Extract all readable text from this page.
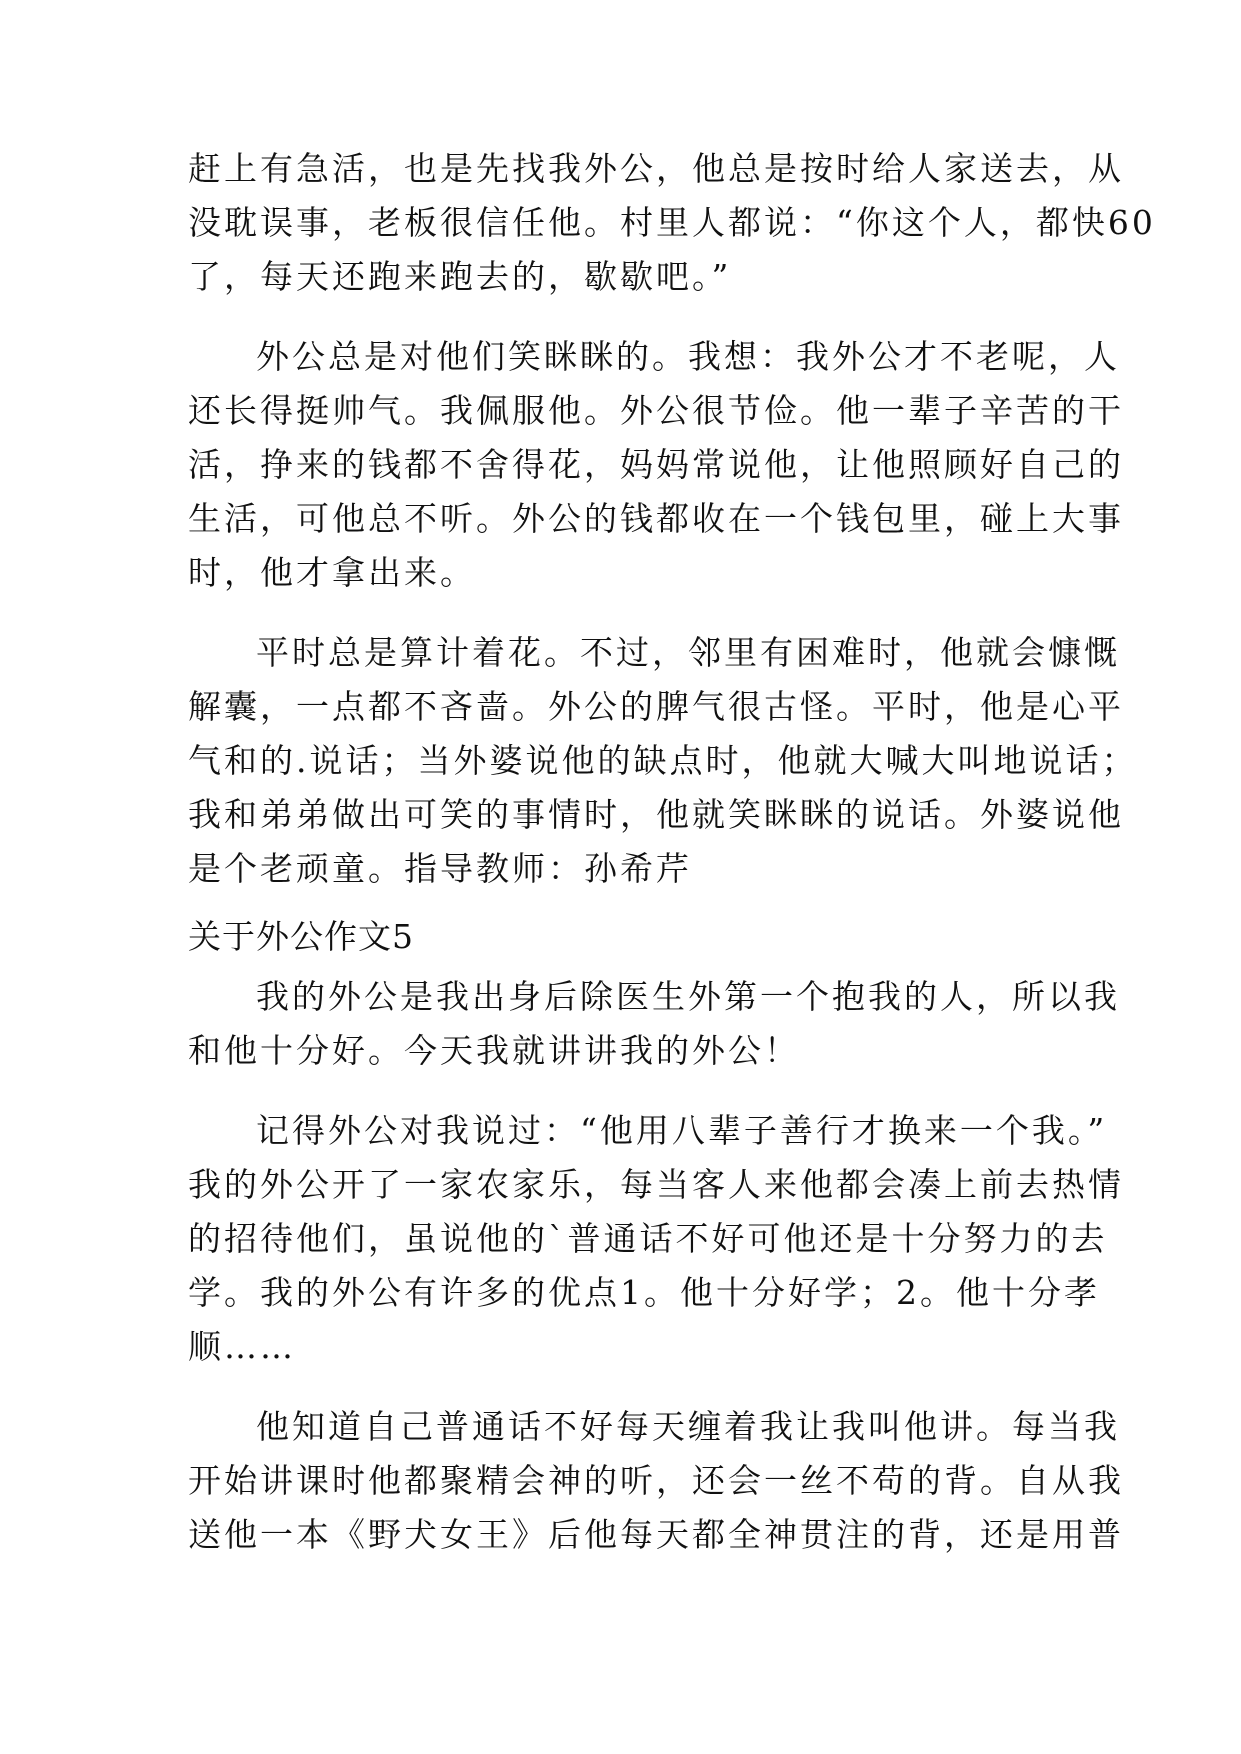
赶上有急活，也是先找我外公，他总是按时给人家送去，从
没耽误事，老板很信任他。村里人都说：“你这个人，都快60
了，每天还跑来跑去的，歇歇吧。”
外公总是对他们笑眯眯的。我想：我外公才不老呢，人
还长得挺帅气。我佩服他。外公很节俭。他一辈子辛苦的干
活，挣来的钱都不舍得花，妈妈常说他，让他照顾好自己的
生活，可他总不听。外公的钱都收在一个钱包里，碰上大事
时，他才拿出来。
平时总是算计着花。不过，邻里有困难时，他就会慷慨
解囊，一点都不吝啬。外公的脾气很古怪。平时，他是心平
气和的.说话；当外婆说他的缺点时，他就大喊大叫地说话；
我和弟弟做出可笑的事情时，他就笑眯眯的说话。外婆说他
是个老顽童。指导教师：孙希芹
关于外公作文5
我的外公是我出身后除医生外第一个抱我的人，所以我
和他十分好。今天我就讲讲我的外公！
记得外公对我说过：“他用八辈子善行才换来一个我。”
我的外公开了一家农家乐，每当客人来他都会凑上前去热情
的招待他们，虽说他的`普通话不好可他还是十分努力的去
学。我的外公有许多的优点1。他十分好学；2。他十分孝
顺……
他知道自己普通话不好每天缠着我让我叫他讲。每当我
开始讲课时他都聚精会神的听，还会一丝不苟的背。自从我
送他一本《野犬女王》后他每天都全神贯注的背，还是用普
